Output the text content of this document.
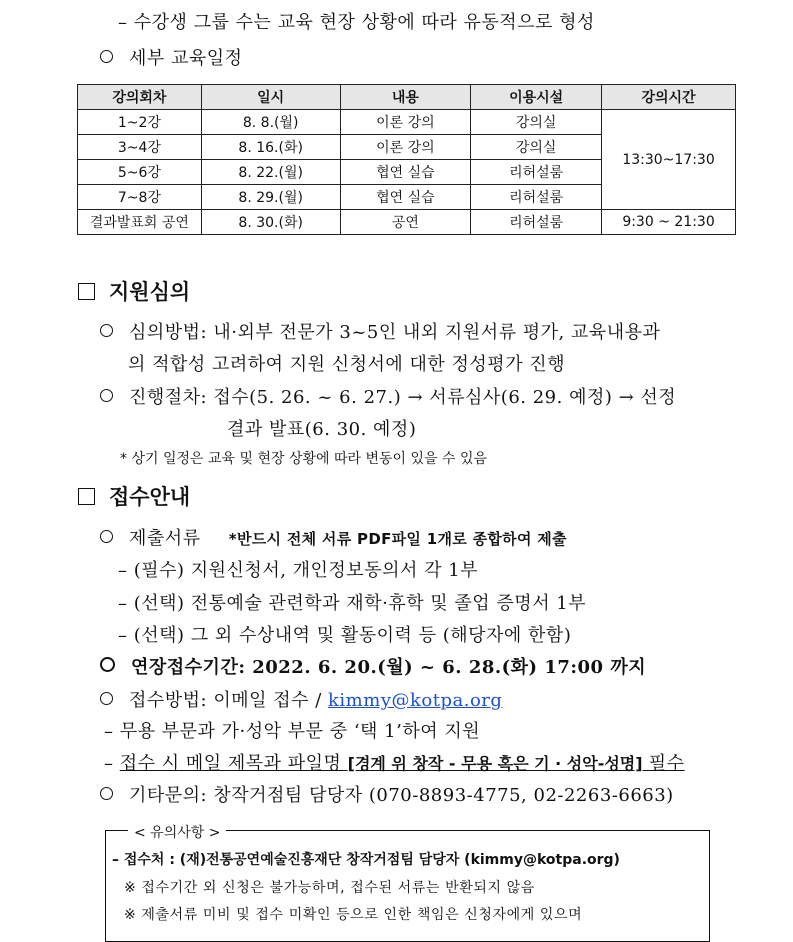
– 수강생 그룹 수는 교육 현장 상황에 따라 유동적으로 형성
세부 교육일정
강의회차	일시	내용	이용시설	강의시간
1~2강	8. 8.(월)	이론 강의	강의실	13:30~17:30
3~4강	8. 16.(화)	이론 강의	강의실	
5~6강	8. 22.(월)	협연 실습	리허설룸	
7~8강	8. 29.(월)	협연 실습	리허설룸	
결과발표회 공연	8. 30.(화)	공연	리허설룸	9:30 ~ 21:30
지원심의
심의방법: 내·외부 전문가 3~5인 내외 지원서류 평가, 교육내용과
의 적합성 고려하여 지원 신청서에 대한 정성평가 진행
진행절차: 접수(5. 26. ~ 6. 27.) → 서류심사(6. 29. 예정) → 선정
결과 발표(6. 30. 예정)
* 상기 일정은 교육 및 현장 상황에 따라 변동이 있을 수 있음
접수안내
제출서류 *반드시 전체 서류 PDF파일 1개로 종합하여 제출
– (필수) 지원신청서, 개인정보동의서 각 1부
– (선택) 전통예술 관련학과 재학·휴학 및 졸업 증명서 1부
– (선택) 그 외 수상내역 및 활동이력 등 (해당자에 한함)
연장접수기간: 2022. 6. 20.(월) ~ 6. 28.(화) 17:00 까지
접수방법: 이메일 접수 / kimmy@kotpa.org
– 무용 부문과 가·성악 부문 중 ‘택 1’하여 지원
– 접수 시 메일 제목과 파일명 [경계 위 창작 - 무용 혹은 기 · 성악-성명] 필수
기타문의: 창작거점팀 담당자 (070-8893-4775, 02-2263-6663)
< 유의사항 >
– 접수처 : (재)전통공연예술진흥재단 창작거점팀 담당자 (kimmy@kotpa.org)
※ 접수기간 외 신청은 불가능하며, 접수된 서류는 반환되지 않음
※ 제출서류 미비 및 접수 미확인 등으로 인한 책임은 신청자에게 있으며
